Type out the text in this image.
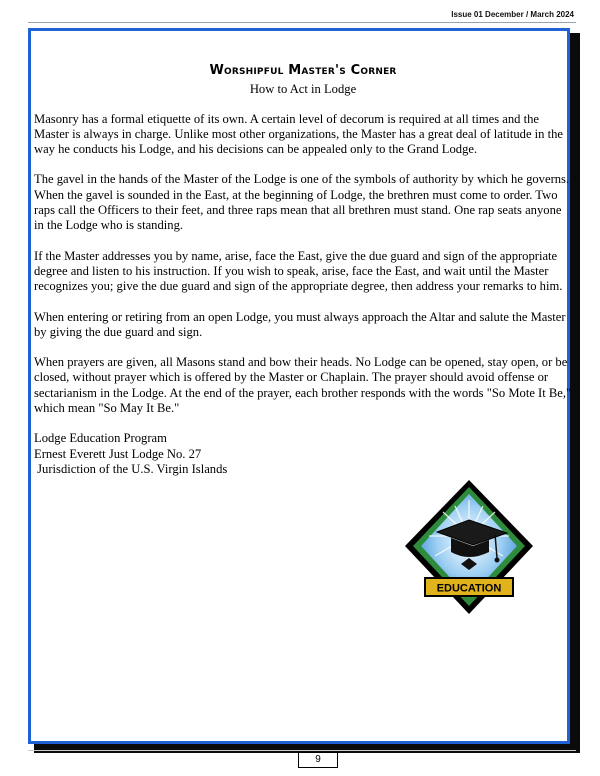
Issue 01 December / March 2024
Worshipful Master's Corner
How to Act in Lodge

Masonry has a formal etiquette of its own. A certain level of decorum is required at all times and the Master is always in charge. Unlike most other organizations, the Master has a great deal of latitude in the way he conducts his Lodge, and his decisions can be appealed only to the Grand Lodge.

The gavel in the hands of the Master of the Lodge is one of the symbols of authority by which he governs. When the gavel is sounded in the East, at the beginning of Lodge, the brethren must come to order. Two raps call the Officers to their feet, and three raps mean that all brethren must stand. One rap seats anyone in the Lodge who is standing.

If the Master addresses you by name, arise, face the East, give the due guard and sign of the appropriate degree and listen to his instruction. If you wish to speak, arise, face the East, and wait until the Master recognizes you; give the due guard and sign of the appropriate degree, then address your remarks to him.

When entering or retiring from an open Lodge, you must always approach the Altar and salute the Master by giving the due guard and sign.

When prayers are given, all Masons stand and bow their heads. No Lodge can be opened, stay open, or be closed, without prayer which is offered by the Master or Chaplain. The prayer should avoid offense or sectarianism in the Lodge. At the end of the prayer, each brother responds with the words "So Mote It Be," which mean "So May It Be."

Lodge Education Program
Ernest Everett Just Lodge No. 27
Jurisdiction of the U.S. Virgin Islands
EDUCATION
9
